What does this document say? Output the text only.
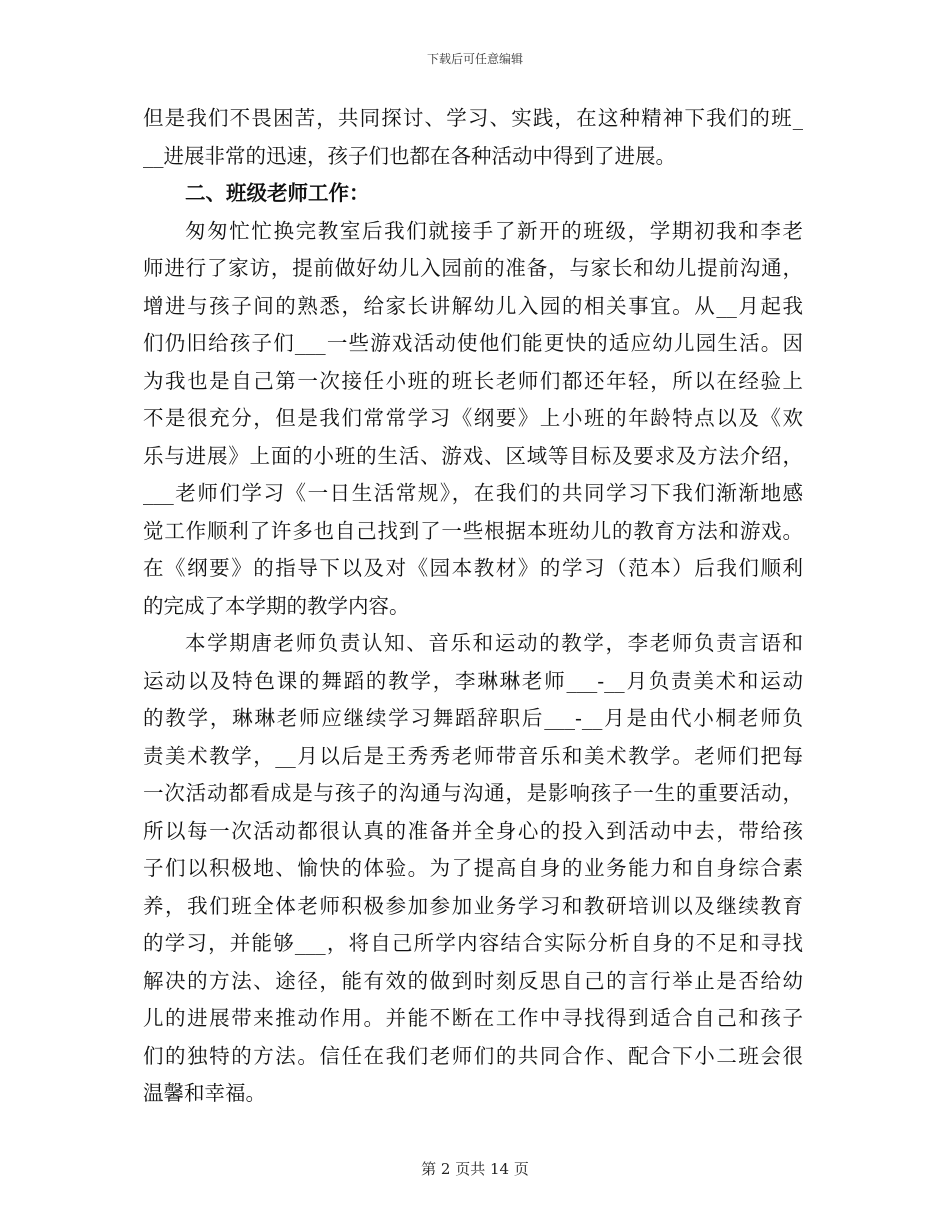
下载后可任意编辑
但是我们不畏困苦，共同探讨、学习、实践，在这种精神下我们的班_
__进展非常的迅速，孩子们也都在各种活动中得到了进展。
二、班级老师工作：
匆匆忙忙换完教室后我们就接手了新开的班级，学期初我和李老
师进行了家访，提前做好幼儿入园前的准备，与家长和幼儿提前沟通，
增进与孩子间的熟悉，给家长讲解幼儿入园的相关事宜。从__月起我
们仍旧给孩子们___一些游戏活动使他们能更快的适应幼儿园生活。因
为我也是自己第一次接任小班的班长老师们都还年轻，所以在经验上
不是很充分，但是我们常常学习《纲要》上小班的年龄特点以及《欢
乐与进展》上面的小班的生活、游戏、区域等目标及要求及方法介绍，
___老师们学习《一日生活常规》，在我们的共同学习下我们渐渐地感
觉工作顺利了许多也自己找到了一些根据本班幼儿的教育方法和游戏。
在《纲要》的指导下以及对《园本教材》的学习（范本）后我们顺利
的完成了本学期的教学内容。
本学期唐老师负责认知、音乐和运动的教学，李老师负责言语和
运动以及特色课的舞蹈的教学，李琳琳老师___-__月负责美术和运动
的教学，琳琳老师应继续学习舞蹈辞职后___-__月是由代小桐老师负
责美术教学，__月以后是王秀秀老师带音乐和美术教学。老师们把每
一次活动都看成是与孩子的沟通与沟通，是影响孩子一生的重要活动，
所以每一次活动都很认真的准备并全身心的投入到活动中去，带给孩
子们以积极地、愉快的体验。为了提高自身的业务能力和自身综合素
养，我们班全体老师积极参加参加业务学习和教研培训以及继续教育
的学习，并能够___，将自己所学内容结合实际分析自身的不足和寻找
解决的方法、途径，能有效的做到时刻反思自己的言行举止是否给幼
儿的进展带来推动作用。并能不断在工作中寻找得到适合自己和孩子
们的独特的方法。信任在我们老师们的共同合作、配合下小二班会很
温馨和幸福。
第 2 页共 14 页
